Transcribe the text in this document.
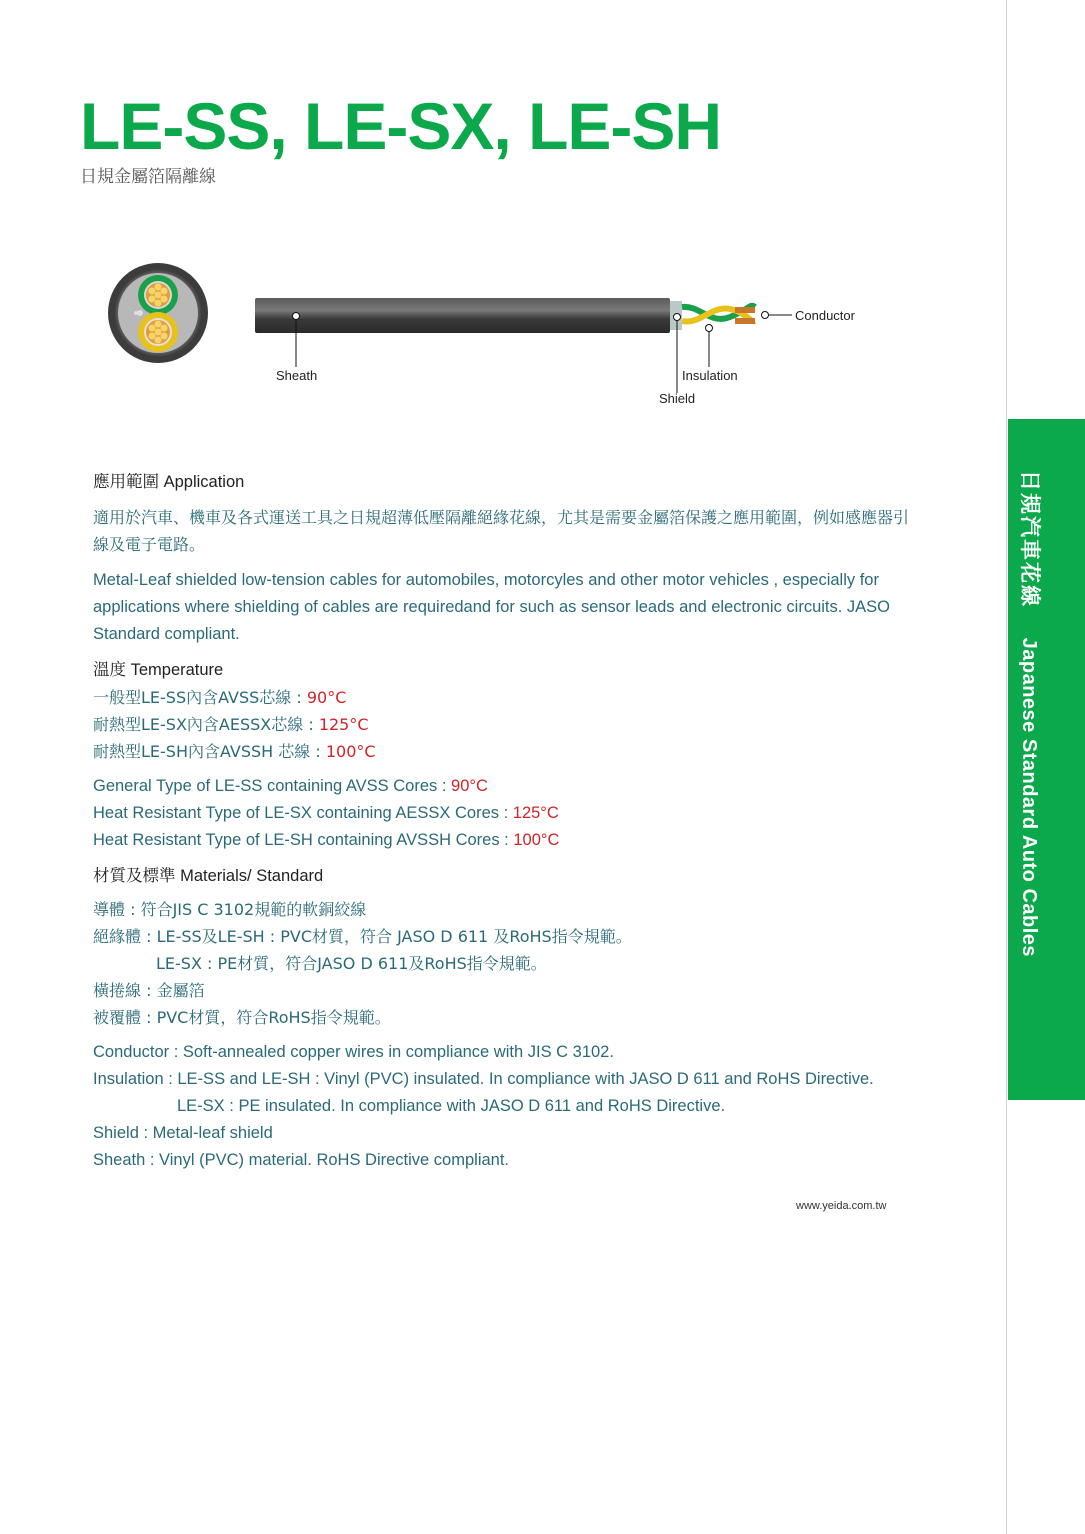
日規汽車花線  Japanese Standard Auto Cables
LE-SS, LE-SX, LE-SH
日規金屬箔隔離線
Conductor
Sheath	Insulation
Shield

應用範圍 Application

適用於汽車、機車及各式運送工具之日規超薄低壓隔離絕緣花線，尤其是需要金屬箔保護之應用範圍，例如感應器引線及電子電路。

Metal-Leaf shielded low-tension cables for automobiles, motorcyles and other motor vehicles , especially for applications where shielding of cables are requiredand for such as sensor leads and electronic circuits. JASO Standard compliant.

溫度 Temperature

一般型LE-SS內含AVSS芯線 : 90°C
耐熱型LE-SX內含AESSX芯線 : 125°C
耐熱型LE-SH內含AVSSH 芯線 : 100°C
General Type of LE-SS containing AVSS Cores : 90°C
Heat Resistant Type of LE-SX containing AESSX Cores : 125°C
Heat Resistant Type of LE-SH containing AVSSH Cores : 100°C

材質及標準 Materials/ Standard

導體 : 符合JIS C 3102規範的軟銅絞線
絕緣體 : LE-SS及LE-SH : PVC材質，符合 JASO D 611 及RoHS指令規範。
LE-SX : PE材質，符合JASO D 611及RoHS指令規範。
橫捲線 : 金屬箔
被覆體 : PVC材質，符合RoHS指令規範。
Conductor : Soft-annealed copper wires in compliance with JIS C 3102.
Insulation : LE-SS and LE-SH : Vinyl (PVC) insulated. In compliance with JASO D 611 and RoHS Directive.
LE-SX : PE insulated. In compliance with JASO D 611 and RoHS Directive.
Shield : Metal-leaf shield
Sheath : Vinyl (PVC) material. RoHS Directive compliant.
www.yeida.com.tw
